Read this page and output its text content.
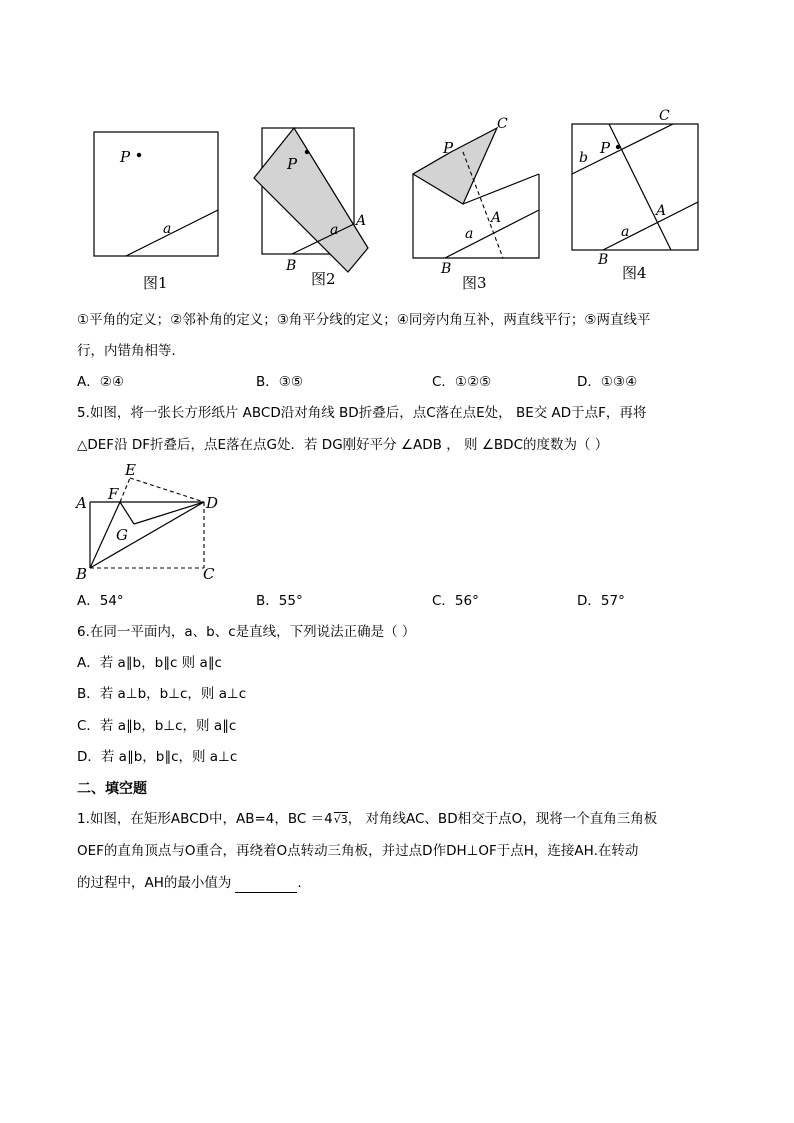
P
a
图1
P
a
A
B
图2
P
C
a
A
B
图3
P
C
b
a
A
B
图4
①平角的定义；②邻补角的定义；③角平分线的定义；④同旁内角互补，两直线平行；⑤两直线平
行，内错角相等．
A．②④	B．③⑤	C．①②⑤	D．①③④
5.如图，将一张长方形纸片 ABCD沿对角线 BD折叠后，点C落在点E处， BE交 AD于点F，再将
△DEF沿 DF折叠后，点E落在点G处．若 DG刚好平分 ∠ADB ， 则 ∠BDC的度数为（ ）
E
F
A	D
G
B	C
A．54°	B．55°	C．56°	D．57°
6.在同一平面内，a、b、c是直线，下列说法正确是（ ）
A．若 a∥b，b∥c 则 a∥c
B．若 a⊥b，b⊥c，则 a⊥c
C．若 a∥b，b⊥c，则 a∥c
D．若 a∥b，b∥c，则 a⊥c
二、填空题
1.如图，在矩形ABCD中，AB=4，BC ＝4√3， 对角线AC、BD相交于点O，现将一个直角三角板
OEF的直角顶点与O重合，再绕着O点转动三角板，并过点D作DH⊥OF于点H，连接AH.在转动
的过程中，AH的最小值为	.
